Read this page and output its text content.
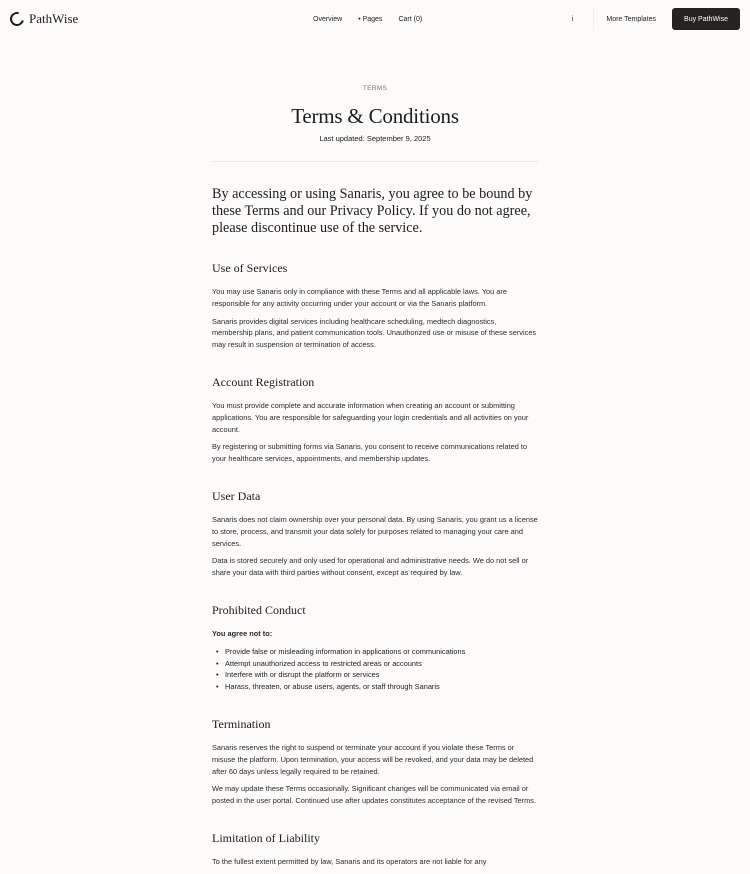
PathWise	Overview • Pages Cart (0)	i	More Templates	Buy PathWise
TERMS
Terms & Conditions
Last updated: September 9, 2025
By accessing or using Sanaris, you agree to be bound by these Terms and our Privacy Policy. If you do not agree, please discontinue use of the service.
Use of Services

You may use Sanaris only in compliance with these Terms and all applicable laws. You are responsible for any activity occurring under your account or via the Sanaris platform.

Sanaris provides digital services including healthcare scheduling, medtech diagnostics, membership plans, and patient communication tools. Unauthorized use or misuse of these services may result in suspension or termination of access.

Account Registration

You must provide complete and accurate information when creating an account or submitting applications. You are responsible for safeguarding your login credentials and all activities on your account.

By registering or submitting forms via Sanaris, you consent to receive communications related to your healthcare services, appointments, and membership updates.

User Data

Sanaris does not claim ownership over your personal data. By using Sanaris, you grant us a license to store, process, and transmit your data solely for purposes related to managing your care and services.

Data is stored securely and only used for operational and administrative needs. We do not sell or share your data with third parties without consent, except as required by law.

Prohibited Conduct

You agree not to:

• Provide false or misleading information in applications or communications
• Attempt unauthorized access to restricted areas or accounts
• Interfere with or disrupt the platform or services
• Harass, threaten, or abuse users, agents, or staff through Sanaris
Termination

Sanaris reserves the right to suspend or terminate your account if you violate these Terms or misuse the platform. Upon termination, your access will be revoked, and your data may be deleted after 60 days unless legally required to be retained.

We may update these Terms occasionally. Significant changes will be communicated via email or posted in the user portal. Continued use after updates constitutes acceptance of the revised Terms.

Limitation of Liability

To the fullest extent permitted by law, Sanaris and its operators are not liable for any
